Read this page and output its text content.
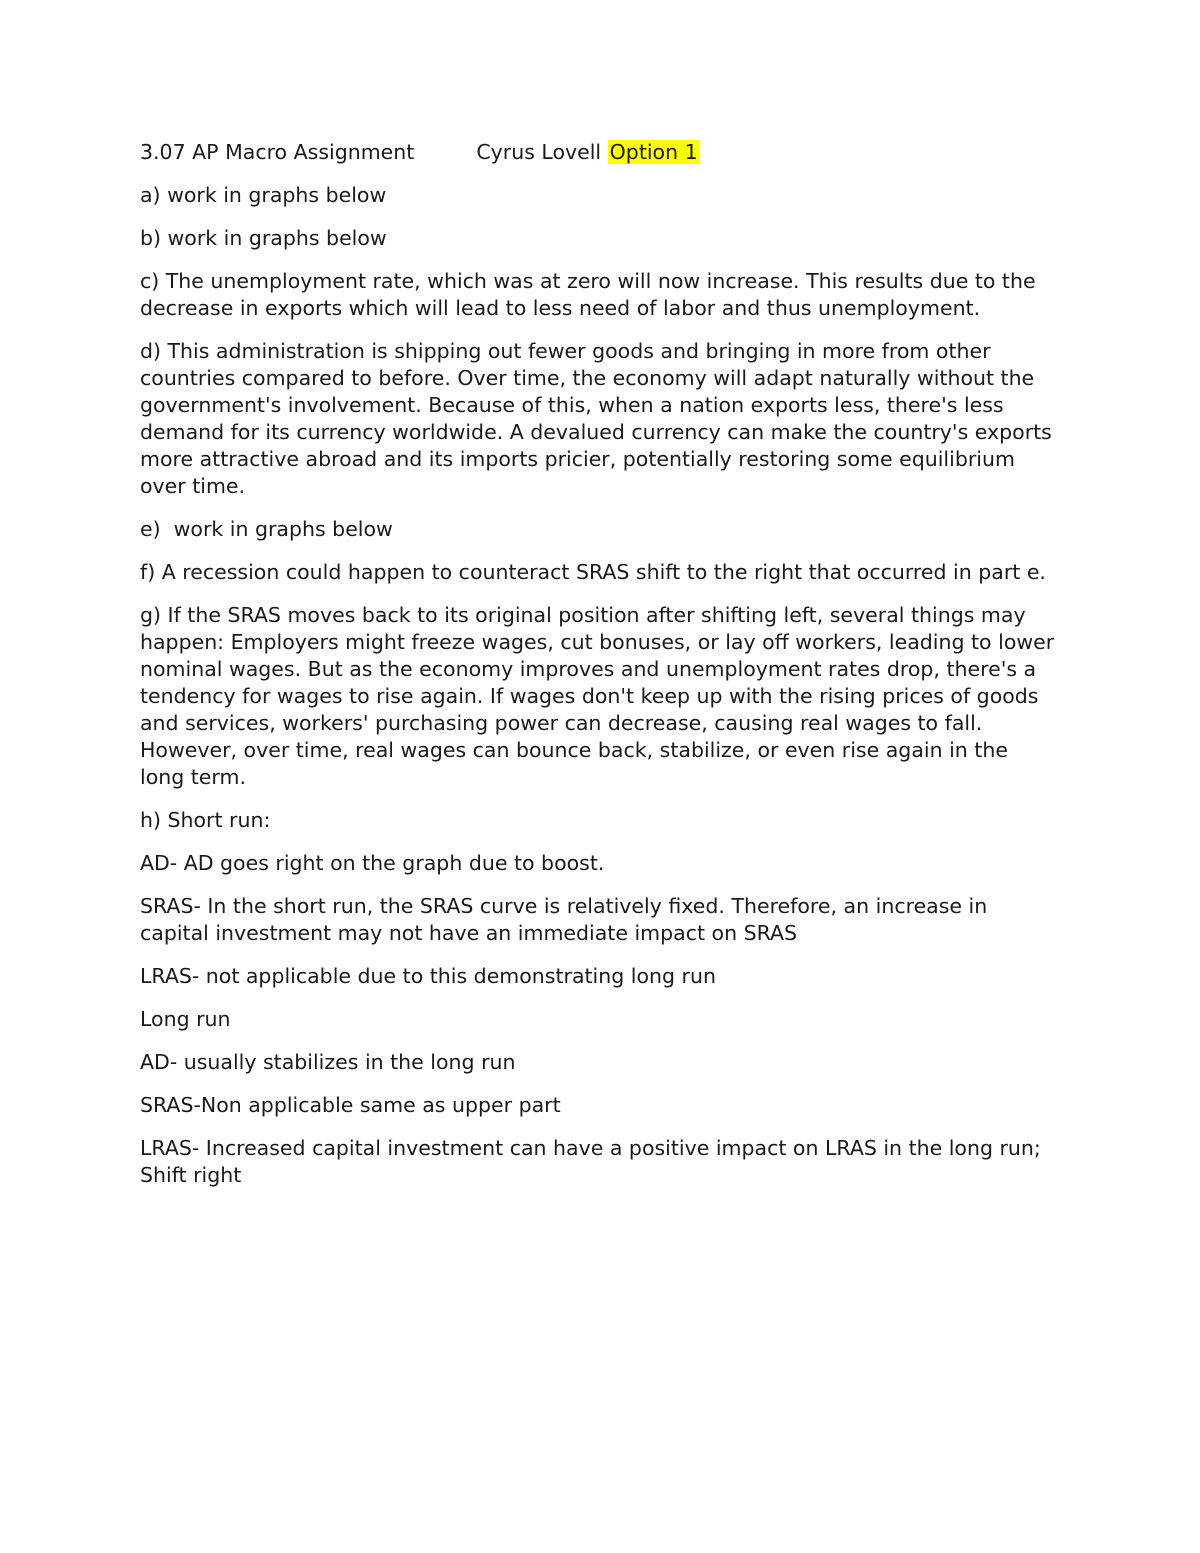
3.07 AP Macro Assignment	Cyrus Lovell Option 1

a) work in graphs below

b) work in graphs below

c) The unemployment rate, which was at zero will now increase. This results due to the decrease in exports which will lead to less need of labor and thus unemployment.

d) This administration is shipping out fewer goods and bringing in more from other countries compared to before. Over time, the economy will adapt naturally without the government's involvement. Because of this, when a nation exports less, there's less demand for its currency worldwide. A devalued currency can make the country's exports more attractive abroad and its imports pricier, potentially restoring some equilibrium over time.

e)  work in graphs below

f) A recession could happen to counteract SRAS shift to the right that occurred in part e.

g) If the SRAS moves back to its original position after shifting left, several things may happen: Employers might freeze wages, cut bonuses, or lay off workers, leading to lower nominal wages. But as the economy improves and unemployment rates drop, there's a tendency for wages to rise again. If wages don't keep up with the rising prices of goods and services, workers' purchasing power can decrease, causing real wages to fall. However, over time, real wages can bounce back, stabilize, or even rise again in the long term.

h) Short run:

AD- AD goes right on the graph due to boost.

SRAS- In the short run, the SRAS curve is relatively fixed. Therefore, an increase in capital investment may not have an immediate impact on SRAS

LRAS- not applicable due to this demonstrating long run

Long run

AD- usually stabilizes in the long run

SRAS-Non applicable same as upper part

LRAS- Increased capital investment can have a positive impact on LRAS in the long run; Shift right
